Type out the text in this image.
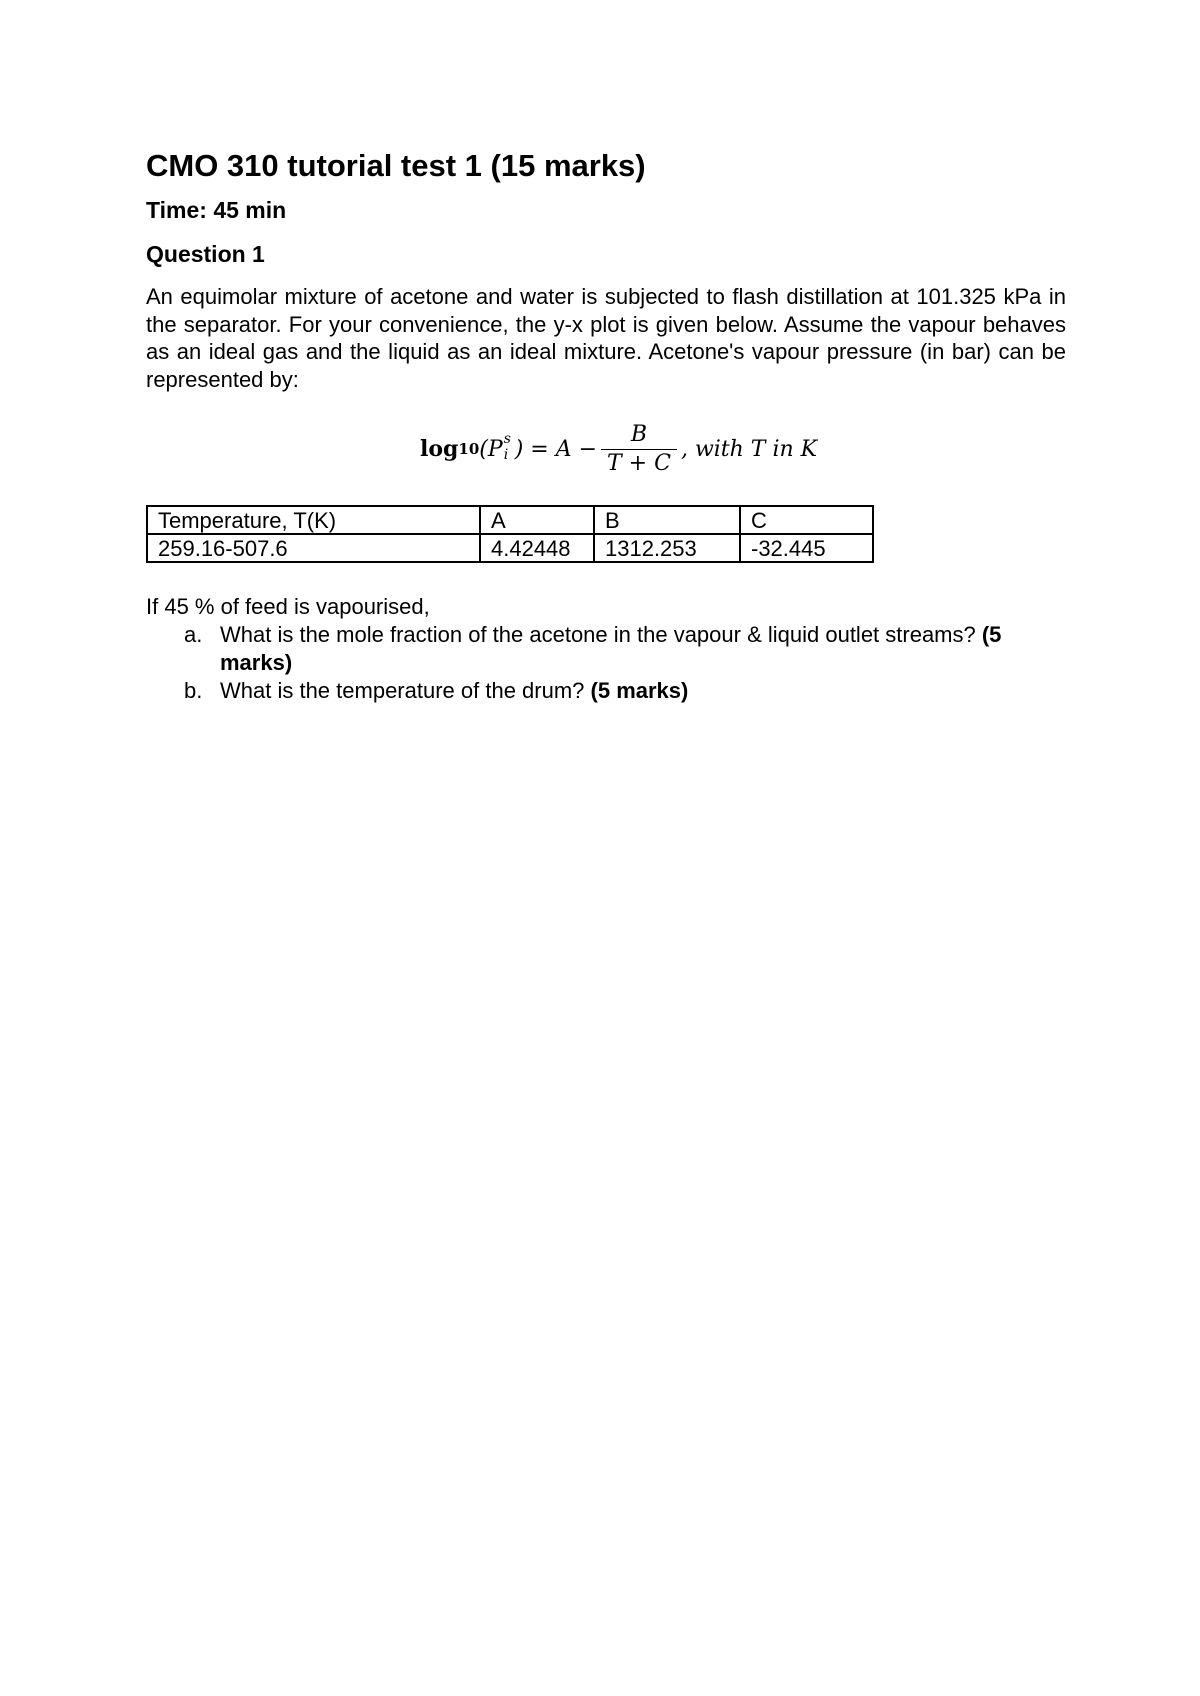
CMO 310 tutorial test 1 (15 marks)
Time: 45 min
Question 1

An equimolar mixture of acetone and water is subjected to flash distillation at 101.325 kPa in the separator. For your convenience, the y-x plot is given below. Assume the vapour behaves as an ideal gas and the liquid as an ideal mixture. Acetone's vapour pressure (in bar) can be represented by:

log 10 (P s
i ) = $A - \frac{B}{T + C}$ , with T in K
Temperature, T(K)	A	B	C
259.16-507.6	4.42448	1312.253	-32.445

If 45 % of feed is vapourised,

a. What is the mole fraction of the acetone in the vapour & liquid outlet streams? (5 marks)
b. What is the temperature of the drum? (5 marks)
